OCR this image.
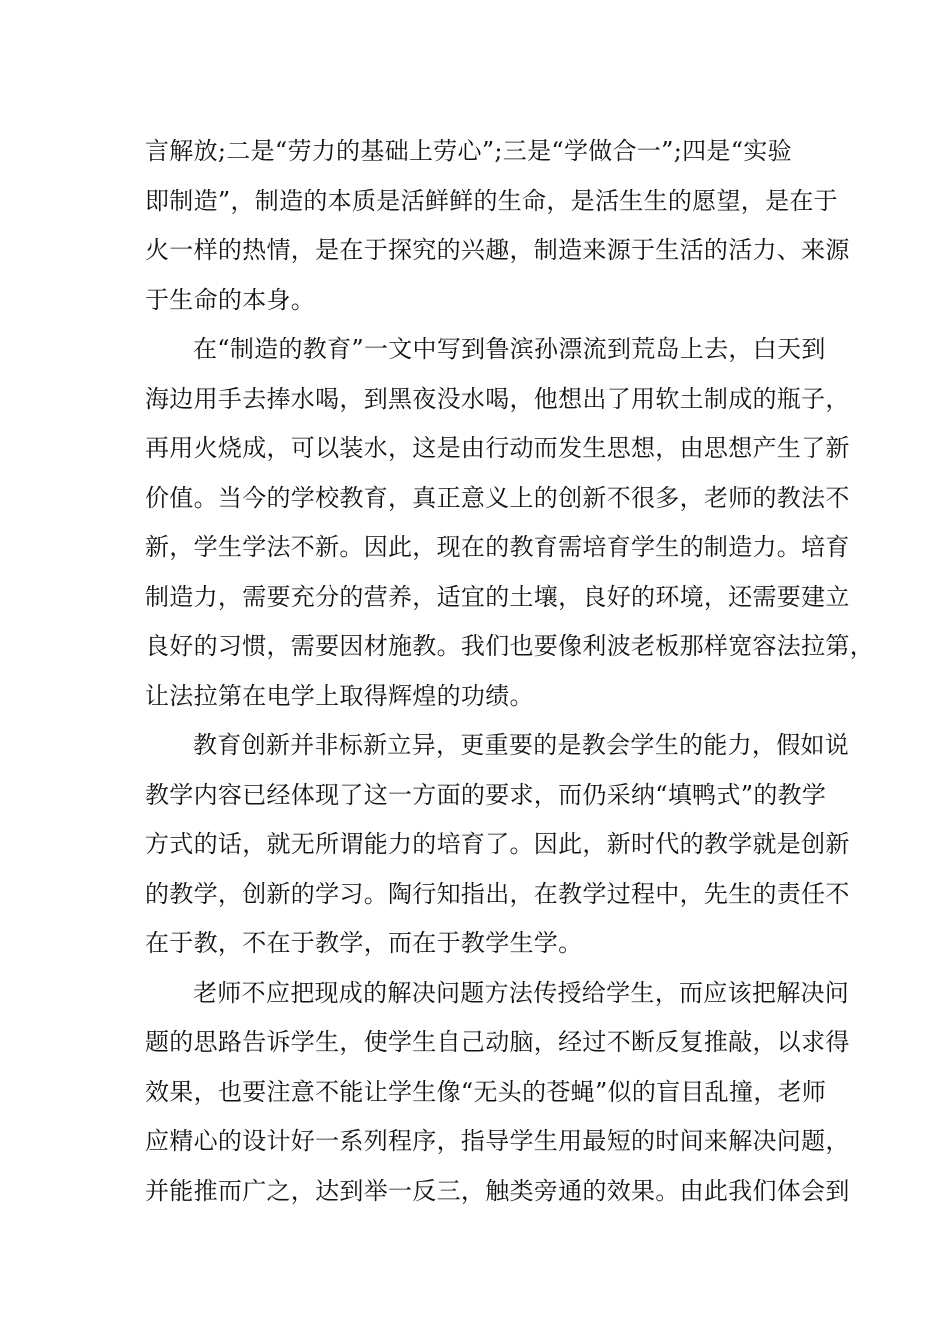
言解放;二是“劳力的基础上劳心”;三是“学做合一”;四是“实验
即制造”，制造的本质是活鲜鲜的生命，是活生生的愿望，是在于
火一样的热情，是在于探究的兴趣，制造来源于生活的活力、来源
于生命的本身。
在“制造的教育”一文中写到鲁滨孙漂流到荒岛上去，白天到
海边用手去捧水喝，到黑夜没水喝，他想出了用软土制成的瓶子，
再用火烧成，可以装水，这是由行动而发生思想，由思想产生了新
价值。当今的学校教育，真正意义上的创新不很多，老师的教法不
新，学生学法不新。因此，现在的教育需培育学生的制造力。培育
制造力，需要充分的营养，适宜的土壤，良好的环境，还需要建立
良好的习惯，需要因材施教。我们也要像利波老板那样宽容法拉第，
让法拉第在电学上取得辉煌的功绩。
教育创新并非标新立异，更重要的是教会学生的能力，假如说
教学内容已经体现了这一方面的要求，而仍采纳“填鸭式”的教学
方式的话，就无所谓能力的培育了。因此，新时代的教学就是创新
的教学，创新的学习。陶行知指出，在教学过程中，先生的责任不
在于教，不在于教学，而在于教学生学。
老师不应把现成的解决问题方法传授给学生，而应该把解决问
题的思路告诉学生，使学生自己动脑，经过不断反复推敲，以求得
效果，也要注意不能让学生像“无头的苍蝇”似的盲目乱撞，老师
应精心的设计好一系列程序，指导学生用最短的时间来解决问题，
并能推而广之，达到举一反三，触类旁通的效果。由此我们体会到
